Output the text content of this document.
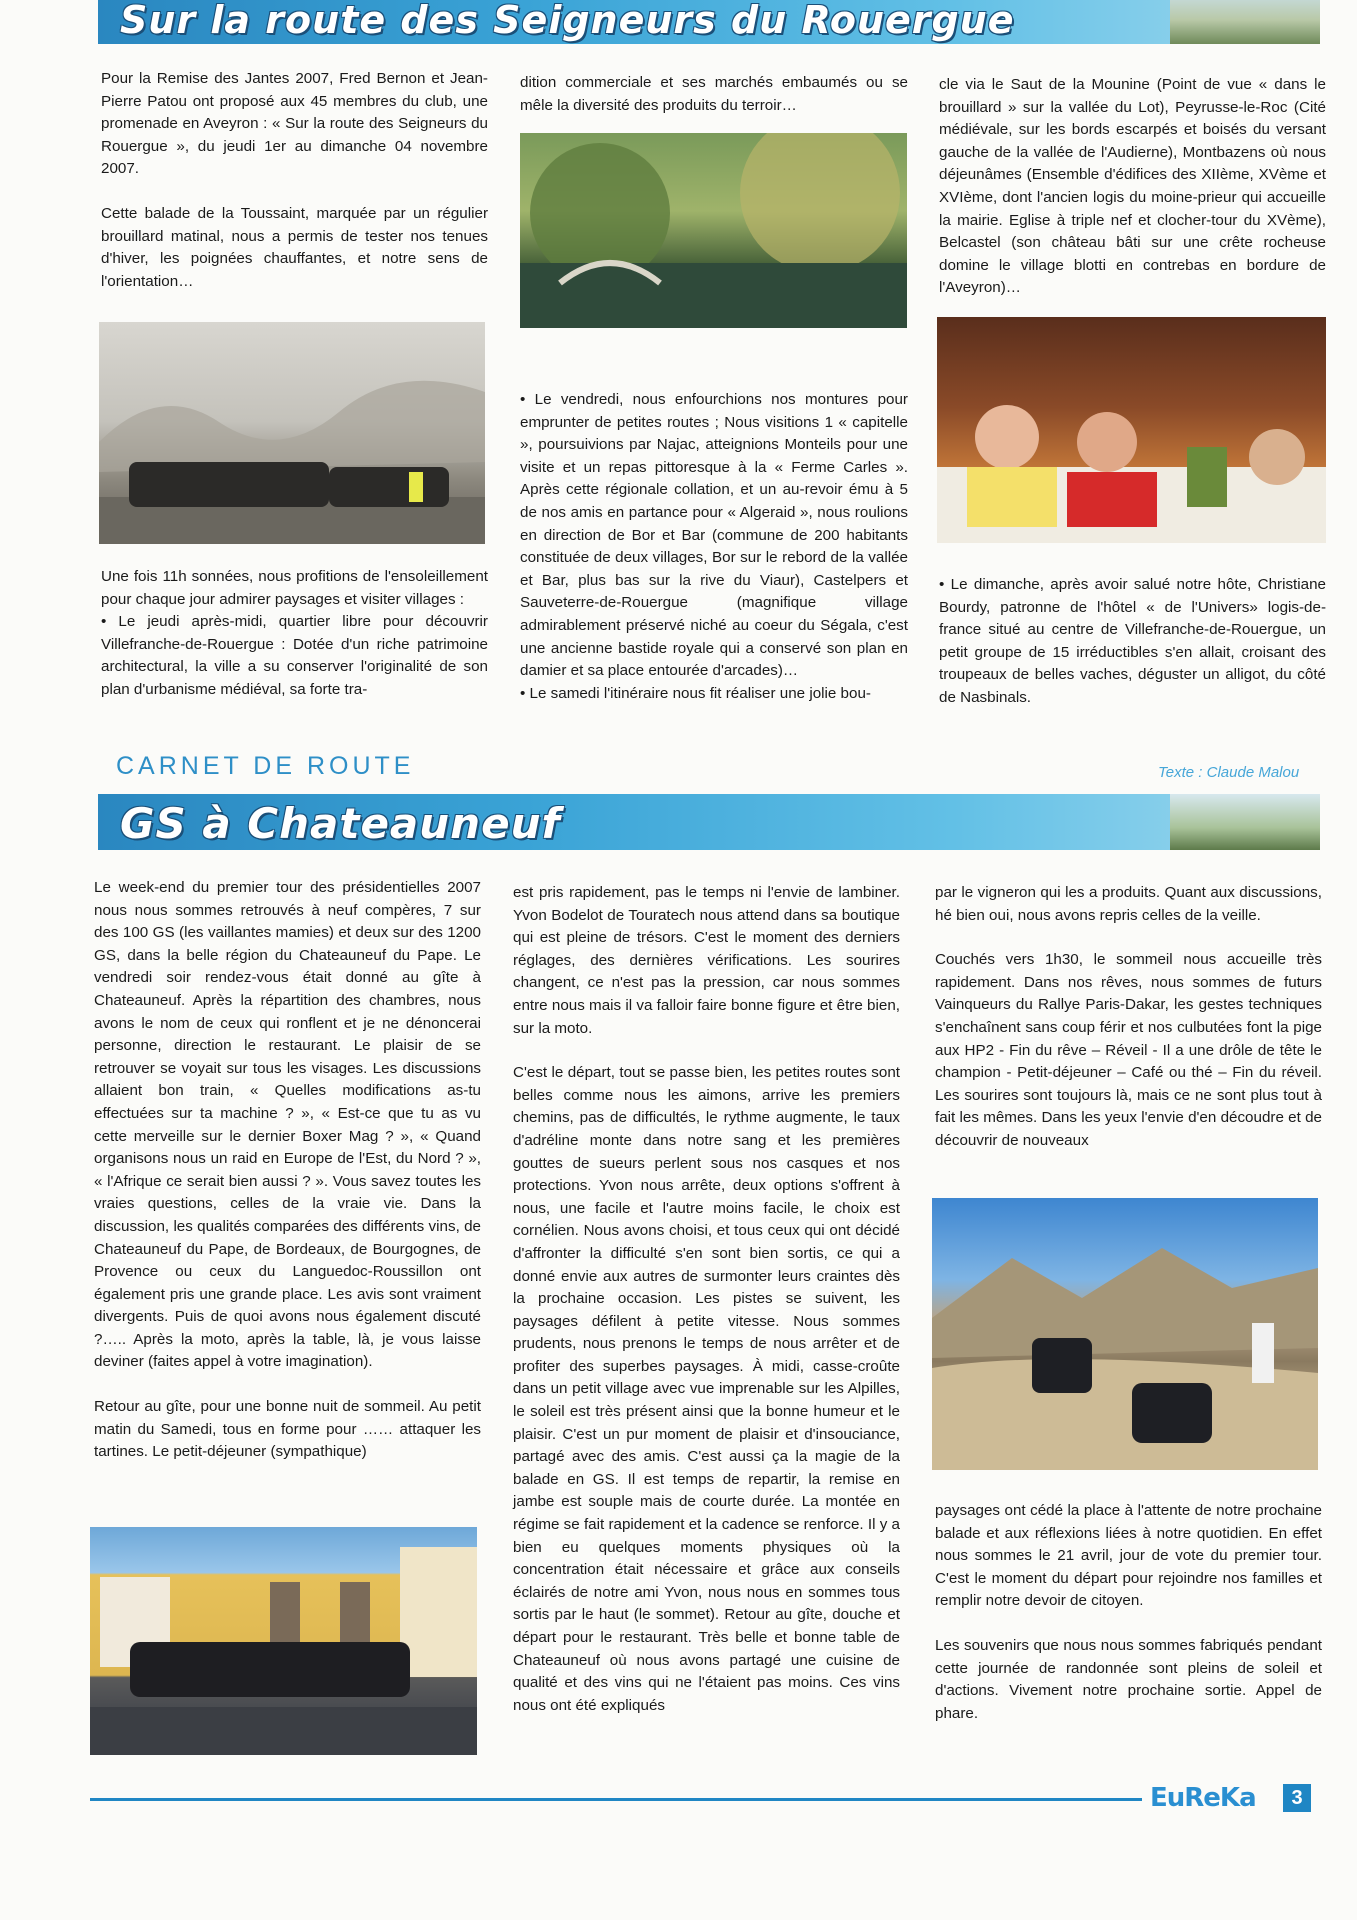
Sur la route des Seigneurs du Rouergue

Pour la Remise des Jantes 2007, Fred Bernon et Jean-Pierre Patou ont proposé aux 45 membres du club, une promenade en Aveyron : « Sur la route des Seigneurs du Rouergue », du jeudi 1er au dimanche 04 novembre 2007.

Cette balade de la Toussaint, marquée par un régulier brouillard matinal, nous a permis de tester nos tenues d'hiver, les poignées chauffantes, et notre sens de l'orientation…

Une fois 11h sonnées, nous profitions de l'ensoleillement pour chaque jour admirer paysages et visiter villages :
• Le jeudi après-midi, quartier libre pour découvrir Villefranche-de-Rouergue : Dotée d'un riche patrimoine architectural, la ville a su conserver l'originalité de son plan d'urbanisme médiéval, sa forte tra-
dition commerciale et ses marchés embaumés ou se mêle la diversité des produits du terroir…
• Le vendredi, nous enfourchions nos montures pour emprunter de petites routes ; Nous visitions 1 « capitelle », poursuivions par Najac, atteignions Monteils pour une visite et un repas pittoresque à la « Ferme Carles ». Après cette régionale collation, et un au-revoir ému à 5 de nos amis en partance pour « Algeraid », nous roulions en direction de Bor et Bar (commune de 200 habitants constituée de deux villages, Bor sur le rebord de la vallée et Bar, plus bas sur la rive du Viaur), Castelpers et Sauveterre-de-Rouergue (magnifique village admirablement préservé niché au coeur du Ségala, c'est une ancienne bastide royale qui a conservé son plan en damier et sa place entourée d'arcades)…
• Le samedi l'itinéraire nous fit réaliser une jolie bou-
cle via le Saut de la Mounine (Point de vue « dans le brouillard » sur la vallée du Lot), Peyrusse-le-Roc (Cité médiévale, sur les bords escarpés et boisés du versant gauche de la vallée de l'Audierne), Montbazens où nous déjeunâmes (Ensemble d'édifices des XIIème, XVème et XVIème, dont l'ancien logis du moine-prieur qui accueille la mairie. Eglise à triple nef et clocher-tour du XVème), Belcastel (son château bâti sur une crête rocheuse domine le village blotti en contrebas en bordure de l'Aveyron)…
• Le dimanche, après avoir salué notre hôte, Christiane Bourdy, patronne de l'hôtel « de l'Univers» logis-de-france situé au centre de Villefranche-de-Rouergue, un petit groupe de 15 irréductibles s'en allait, croisant des troupeaux de belles vaches, déguster un alligot, du côté de Nasbinals.
CARNET DE ROUTE	Texte : Claude Malou
GS à Chateauneuf

Le week-end du premier tour des présidentielles 2007 nous nous sommes retrouvés à neuf compères, 7 sur des 100 GS (les vaillantes mamies) et deux sur des 1200 GS, dans la belle région du Chateauneuf du Pape. Le vendredi soir rendez-vous était donné au gîte à Chateauneuf. Après la répartition des chambres, nous avons le nom de ceux qui ronflent et je ne dénoncerai personne, direction le restaurant. Le plaisir de se retrouver se voyait sur tous les visages. Les discussions allaient bon train, « Quelles modifications as-tu effectuées sur ta machine ? », « Est-ce que tu as vu cette merveille sur le dernier Boxer Mag ? », « Quand organisons nous un raid en Europe de l'Est, du Nord ? », « l'Afrique ce serait bien aussi ? ». Vous savez toutes les vraies questions, celles de la vraie vie. Dans la discussion, les qualités comparées des différents vins, de Chateauneuf du Pape, de Bordeaux, de Bourgognes, de Provence ou ceux du Languedoc-Roussillon ont également pris une grande place. Les avis sont vraiment divergents. Puis de quoi avons nous également discuté ?….. Après la moto, après la table, là, je vous laisse deviner (faites appel à votre imagination).

Retour au gîte, pour une bonne nuit de sommeil. Au petit matin du Samedi, tous en forme pour …… attaquer les tartines. Le petit-déjeuner (sympathique)

est pris rapidement, pas le temps ni l'envie de lambiner. Yvon Bodelot de Touratech nous attend dans sa boutique qui est pleine de trésors. C'est le moment des derniers réglages, des dernières vérifications. Les sourires changent, ce n'est pas la pression, car nous sommes entre nous mais il va falloir faire bonne figure et être bien, sur la moto.

C'est le départ, tout se passe bien, les petites routes sont belles comme nous les aimons, arrive les premiers chemins, pas de difficultés, le rythme augmente, le taux d'adréline monte dans notre sang et les premières gouttes de sueurs perlent sous nos casques et nos protections. Yvon nous arrête, deux options s'offrent à nous, une facile et l'autre moins facile, le choix est cornélien. Nous avons choisi, et tous ceux qui ont décidé d'affronter la difficulté s'en sont bien sortis, ce qui a donné envie aux autres de surmonter leurs craintes dès la prochaine occasion. Les pistes se suivent, les paysages défilent à petite vitesse. Nous sommes prudents, nous prenons le temps de nous arrêter et de profiter des superbes paysages. À midi, casse-croûte dans un petit village avec vue imprenable sur les Alpilles, le soleil est très présent ainsi que la bonne humeur et le plaisir. C'est un pur moment de plaisir et d'insouciance, partagé avec des amis. C'est aussi ça la magie de la balade en GS. Il est temps de repartir, la remise en jambe est souple mais de courte durée. La montée en régime se fait rapidement et la cadence se renforce. Il y a bien eu quelques moments physiques où la concentration était nécessaire et grâce aux conseils éclairés de notre ami Yvon, nous nous en sommes tous sortis par le haut (le sommet). Retour au gîte, douche et départ pour le restaurant. Très belle et bonne table de Chateauneuf où nous avons partagé une cuisine de qualité et des vins qui ne l'étaient pas moins. Ces vins nous ont été expliqués

par le vigneron qui les a produits. Quant aux discussions, hé bien oui, nous avons repris celles de la veille.

Couchés vers 1h30, le sommeil nous accueille très rapidement. Dans nos rêves, nous sommes de futurs Vainqueurs du Rallye Paris-Dakar, les gestes techniques s'enchaînent sans coup férir et nos culbutées font la pige aux HP2 - Fin du rêve – Réveil - Il a une drôle de tête le champion - Petit-déjeuner – Café ou thé – Fin du réveil. Les sourires sont toujours là, mais ce ne sont plus tout à fait les mêmes. Dans les yeux l'envie d'en découdre et de découvrir de nouveaux

paysages ont cédé la place à l'attente de notre prochaine balade et aux réflexions liées à notre quotidien. En effet nous sommes le 21 avril, jour de vote du premier tour. C'est le moment du départ pour rejoindre nos familles et remplir notre devoir de citoyen.

Les souvenirs que nous nous sommes fabriqués pendant cette journée de randonnée sont pleins de soleil et d'actions. Vivement notre prochaine sortie. Appel de phare.

EuReKa	3
